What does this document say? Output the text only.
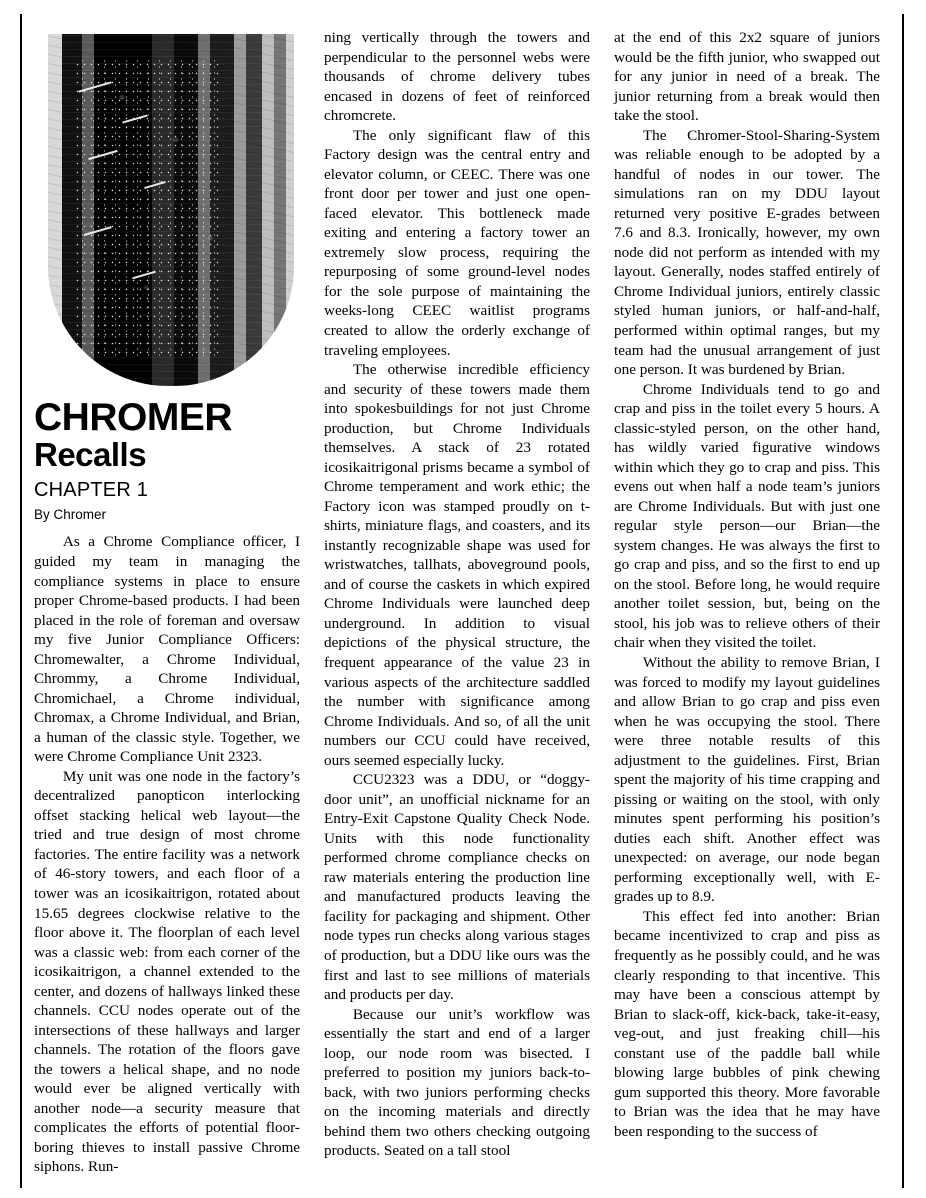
CHROMER
Recalls
CHAPTER 1
By Chromer

As a Chrome Compliance officer, I guided my team in managing the compliance systems in place to ensure proper Chrome-based products. I had been placed in the role of foreman and oversaw my five Junior Compliance Officers: Chromewalter, a Chrome Individual, Chrommy, a Chrome Individual, Chromichael, a Chrome individual, Chromax, a Chrome Individual, and Brian, a human of the classic style. Together, we were Chrome Compliance Unit 2323.

My unit was one node in the factory’s decentralized panopticon interlocking offset stacking helical web layout—the tried and true design of most chrome factories. The entire facility was a network of 46-story towers, and each floor of a tower was an icosikaitrigon, rotated about 15.65 degrees clockwise relative to the floor above it. The floorplan of each level was a classic web: from each corner of the icosikaitrigon, a channel extended to the center, and dozens of hallways linked these channels. CCU nodes operate out of the intersections of these hallways and larger channels. The rotation of the floors gave the towers a helical shape, and no node would ever be aligned vertically with another node—a security measure that complicates the efforts of potential floor-boring thieves to install passive Chrome siphons. Run-

ning vertically through the towers and perpendicular to the personnel webs were thousands of chrome delivery tubes encased in dozens of feet of reinforced chromcrete.

The only significant flaw of this Factory design was the central entry and elevator column, or CEEC. There was one front door per tower and just one open-faced elevator. This bottleneck made exiting and entering a factory tower an extremely slow process, requiring the repurposing of some ground-level nodes for the sole purpose of maintaining the weeks-long CEEC waitlist programs created to allow the orderly exchange of traveling employees.

The otherwise incredible efficiency and security of these towers made them into spokesbuildings for not just Chrome production, but Chrome Individuals themselves. A stack of 23 rotated icosikaitrigonal prisms became a symbol of Chrome temperament and work ethic; the Factory icon was stamped proudly on t-shirts, miniature flags, and coasters, and its instantly recognizable shape was used for wristwatches, tallhats, aboveground pools, and of course the caskets in which expired Chrome Individuals were launched deep underground. In addition to visual depictions of the physical structure, the frequent appearance of the value 23 in various aspects of the architecture saddled the number with significance among Chrome Individuals. And so, of all the unit numbers our CCU could have received, ours seemed especially lucky.

CCU2323 was a DDU, or “doggy-door unit”, an unofficial nickname for an Entry-Exit Capstone Quality Check Node. Units with this node functionality performed chrome compliance checks on raw materials entering the production line and manufactured products leaving the facility for packaging and shipment. Other node types run checks along various stages of production, but a DDU like ours was the first and last to see millions of materials and products per day.

Because our unit’s workflow was essentially the start and end of a larger loop, our node room was bisected. I preferred to position my juniors back-to-back, with two juniors performing checks on the incoming materials and directly behind them two others checking outgoing products. Seated on a tall stool

at the end of this 2x2 square of juniors would be the fifth junior, who swapped out for any junior in need of a break. The junior returning from a break would then take the stool.

The Chromer-Stool-Sharing-System was reliable enough to be adopted by a handful of nodes in our tower. The simulations ran on my DDU layout returned very positive E-grades between 7.6 and 8.3. Ironically, however, my own node did not perform as intended with my layout. Generally, nodes staffed entirely of Chrome Individual juniors, entirely classic styled human juniors, or half-and-half, performed within optimal ranges, but my team had the unusual arrangement of just one person. It was burdened by Brian.

Chrome Individuals tend to go and crap and piss in the toilet every 5 hours. A classic-styled person, on the other hand, has wildly varied figurative windows within which they go to crap and piss. This evens out when half a node team’s juniors are Chrome Individuals. But with just one regular style person—our Brian—the system changes. He was always the first to go crap and piss, and so the first to end up on the stool. Before long, he would require another toilet session, but, being on the stool, his job was to relieve others of their chair when they visited the toilet.

Without the ability to remove Brian, I was forced to modify my layout guidelines and allow Brian to go crap and piss even when he was occupying the stool. There were three notable results of this adjustment to the guidelines. First, Brian spent the majority of his time crapping and pissing or waiting on the stool, with only minutes spent performing his position’s duties each shift. Another effect was unexpected: on average, our node began performing exceptionally well, with E-grades up to 8.9.

This effect fed into another: Brian became incentivized to crap and piss as frequently as he possibly could, and he was clearly responding to that incentive. This may have been a conscious attempt by Brian to slack-off, kick-back, take-it-easy, veg-out, and just freaking chill—his constant use of the paddle ball while blowing large bubbles of pink chewing gum supported this theory. More favorable to Brian was the idea that he may have been responding to the success of
